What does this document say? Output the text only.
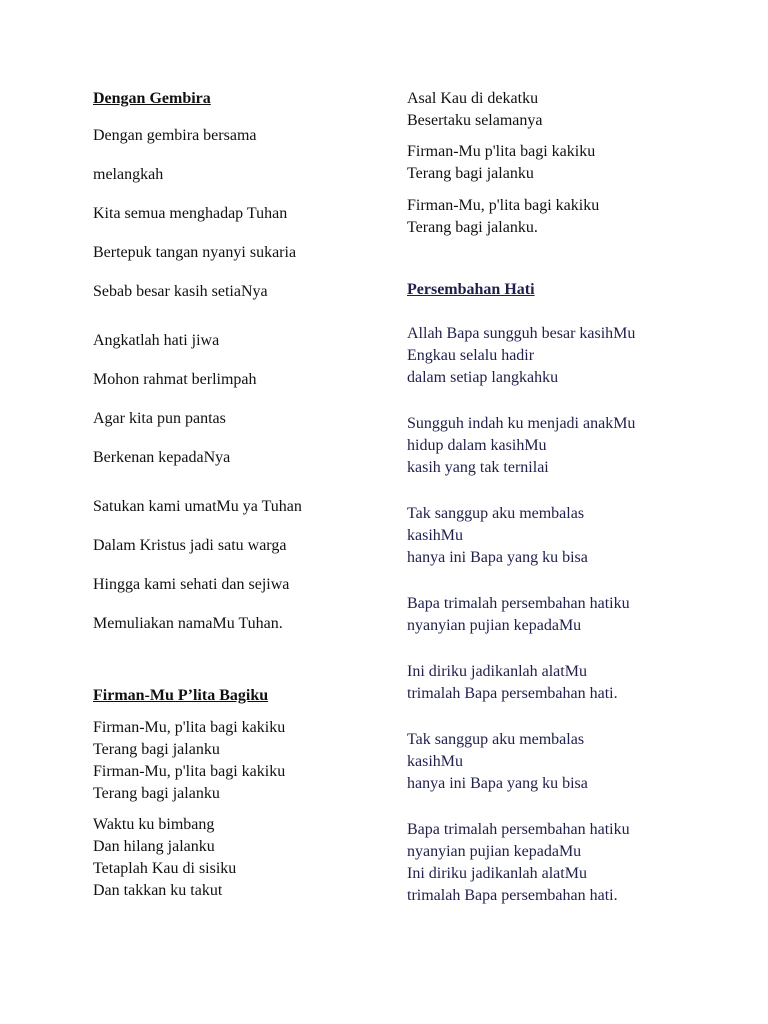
Dengan Gembira
Dengan gembira bersama
melangkah
Kita semua menghadap Tuhan
Bertepuk tangan nyanyi sukaria
Sebab besar kasih setiaNya
Angkatlah hati jiwa
Mohon rahmat berlimpah
Agar kita pun pantas
Berkenan kepadaNya
Satukan kami umatMu ya Tuhan
Dalam Kristus jadi satu warga
Hingga kami sehati dan sejiwa
Memuliakan namaMu Tuhan.
Firman-Mu P’lita Bagiku
Firman-Mu, p'lita bagi kakiku
Terang bagi jalanku
Firman-Mu, p'lita bagi kakiku
Terang bagi jalanku
Waktu ku bimbang
Dan hilang jalanku
Tetaplah Kau di sisiku
Dan takkan ku takut
Asal Kau di dekatku
Besertaku selamanya
Firman-Mu p'lita bagi kakiku
Terang bagi jalanku
Firman-Mu, p'lita bagi kakiku
Terang bagi jalanku.
Persembahan Hati
Allah Bapa sungguh besar kasihMu
Engkau selalu hadir
dalam setiap langkahku
Sungguh indah ku menjadi anakMu
hidup dalam kasihMu
kasih yang tak ternilai
Tak sanggup aku membalas
kasihMu
hanya ini Bapa yang ku bisa
Bapa trimalah persembahan hatiku
nyanyian pujian kepadaMu
Ini diriku jadikanlah alatMu
trimalah Bapa persembahan hati.
Tak sanggup aku membalas
kasihMu
hanya ini Bapa yang ku bisa
Bapa trimalah persembahan hatiku
nyanyian pujian kepadaMu
Ini diriku jadikanlah alatMu
trimalah Bapa persembahan hati.
